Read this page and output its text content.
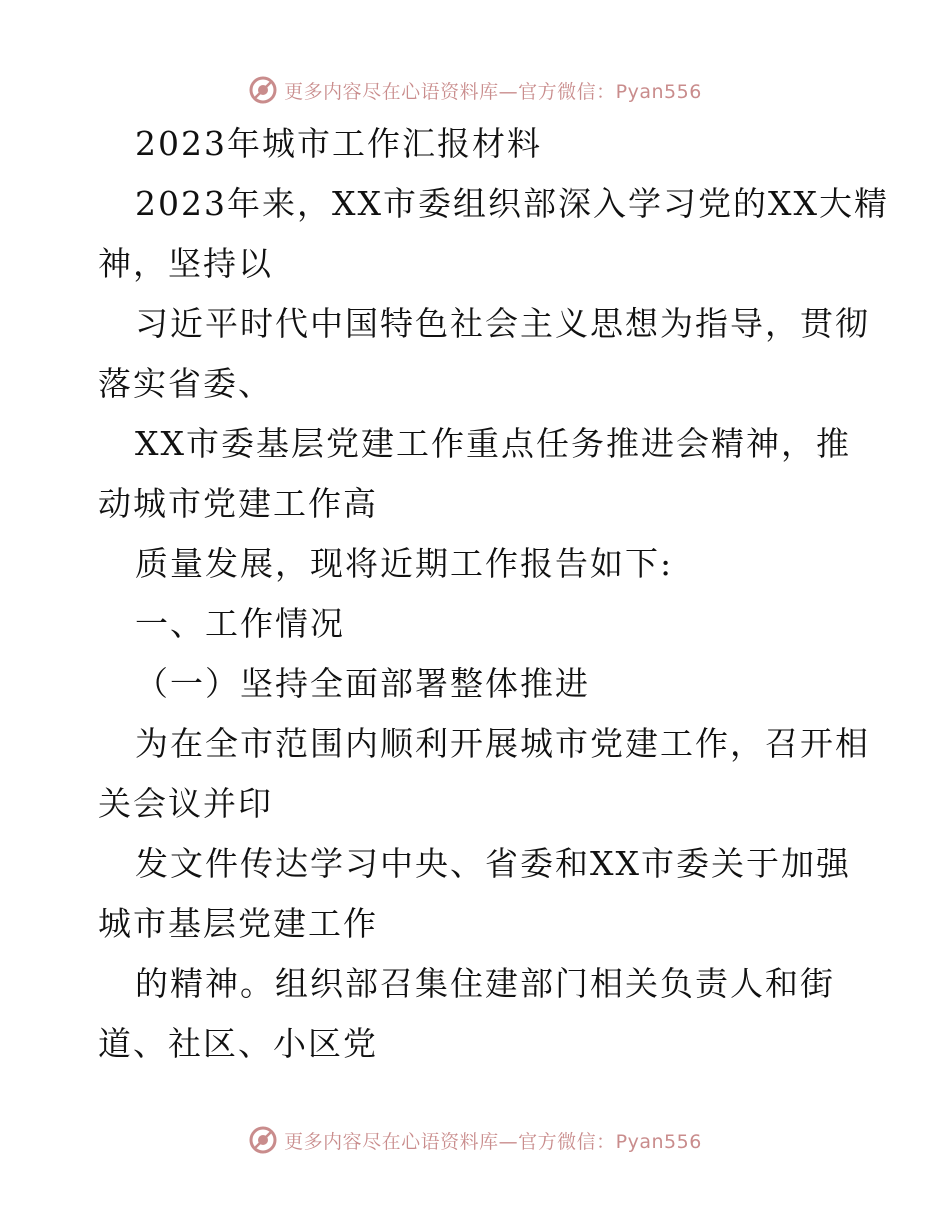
更多内容尽在心语资料库—官方微信：Pyan556
2023年城市工作汇报材料
2023年来，XX市委组织部深入学习党的XX大精
神，坚持以
习近平时代中国特色社会主义思想为指导，贯彻
落实省委、
XX市委基层党建工作重点任务推进会精神，推
动城市党建工作高
质量发展，现将近期工作报告如下:
一、工作情况
（一）坚持全面部署整体推进
为在全市范围内顺利开展城市党建工作，召开相
关会议并印
发文件传达学习中央、省委和XX市委关于加强
城市基层党建工作
的精神。组织部召集住建部门相关负责人和街
道、社区、小区党
更多内容尽在心语资料库—官方微信：Pyan556
